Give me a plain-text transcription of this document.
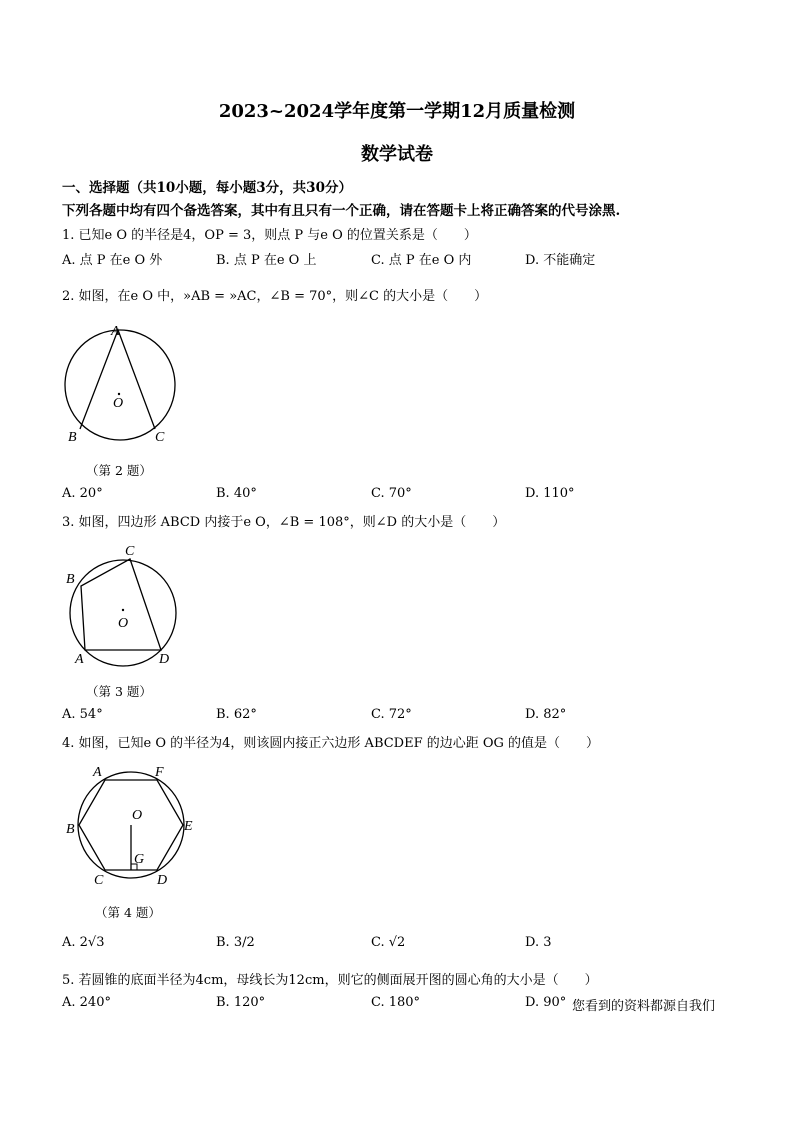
2023~2024学年度第一学期12月质量检测
数学试卷
一、选择题（共10小题，每小题3分，共30分）
下列各题中均有四个备选答案，其中有且只有一个正确，请在答题卡上将正确答案的代号涂黑.
1. 已知e O 的半径是4，OP = 3，则点 P 与e O 的位置关系是（　　）
A. 点 P 在e O 外	B. 点 P 在e O 上	C. 点 P 在e O 内	D. 不能确定
2. 如图，在e O 中，»AB = »AC，∠B = 70°，则∠C 的大小是（　　）
A
O
B	C
（第 2 题）
A. 20°	B. 40°	C. 70°	D. 110°
3. 如图，四边形 ABCD 内接于e O，∠B = 108°，则∠D 的大小是（　　）
C
B
O
A	D
（第 3 题）
A. 54°	B. 62°	C. 72°	D. 82°
4. 如图，已知e O 的半径为4，则该圆内接正六边形 ABCDEF 的边心距 OG 的值是（　　）
A	F
B
O
E
G
C	D
（第 4 题）
A. 2√3	B. 3/2	C. √2	D. 3
5. 若圆锥的底面半径为4cm，母线长为12cm，则它的侧面展开图的圆心角的大小是（　　）
A. 240°	B. 120°	C. 180°	D. 90° 您看到的资料都源自我们
